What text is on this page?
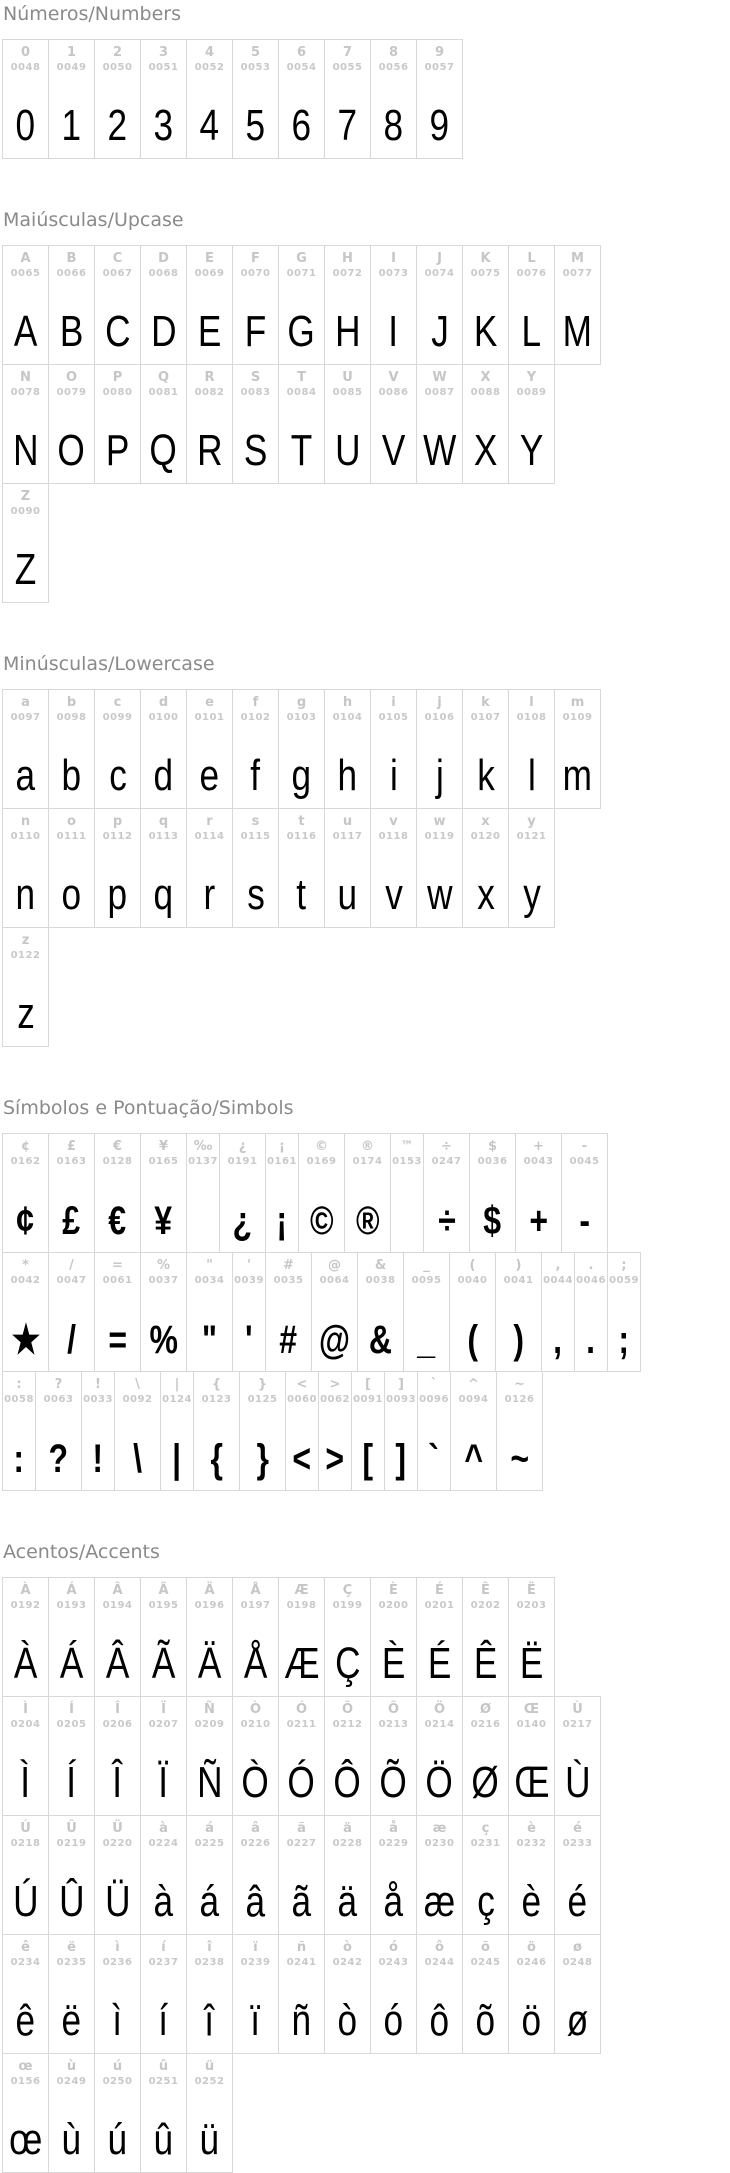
Números/Numbers
0
0048
0
1
0049
1
2
0050
2
3
0051
3
4
0052
4
5
0053
5
6
0054
6
7
0055
7
8
0056
8
9
0057
9
Maiúsculas/Upcase
A
0065
A
B
0066
B
C
0067
C
D
0068
D
E
0069
E
F
0070
F
G
0071
G
H
0072
H
I
0073
I
J
0074
J
K
0075
K
L
0076
L
M
0077
M
N
0078
N
O
0079
O
P
0080
P
Q
0081
Q
R
0082
R
S
0083
S
T
0084
T
U
0085
U
V
0086
V
W
0087
W
X
0088
X
Y
0089
Y
Z
0090
Z
Minúsculas/Lowercase
a
0097
a
b
0098
b
c
0099
c
d
0100
d
e
0101
e
f
0102
f
g
0103
g
h
0104
h
i
0105
i
j
0106
j
k
0107
k
l
0108
l
m
0109
m
n
0110
n
o
0111
o
p
0112
p
q
0113
q
r
0114
r
s
0115
s
t
0116
t
u
0117
u
v
0118
v
w
0119
w
x
0120
x
y
0121
y
z
0122
z
Símbolos e Pontuação/Simbols
¢
0162
¢
£
0163
£
€
0128
€
¥
0165
¥
‰
0137
¿
0191
¿
¡
0161
¡
©
0169
©
®
0174
®
™
0153
÷
0247
÷
$
0036
$
+
0043
+
-
0045
-
*
0042
★
/
0047
/
=
0061
=
%
0037
%
"
0034
"
'
0039
'
#
0035
#
@
0064
@
&
0038
&
_
0095
_
(
0040
(
)
0041
)
,
0044
,
.
0046
.
;
0059
;
:
0058
:
?
0063
?
!
0033
!
\
0092
\
|
0124
|
{
0123
{
}
0125
}
<
0060
<
>
0062
>
[
0091
[
]
0093
]
`
0096
`
^
0094
^
~
0126
~
Acentos/Accents
À
0192
À
Á
0193
Á
Â
0194
Â
Ã
0195
Ã
Ä
0196
Ä
Å
0197
Å
Æ
0198
Æ
Ç
0199
Ç
È
0200
È
É
0201
É
Ê
0202
Ê
Ë
0203
Ë
Ì
0204
Ì
Í
0205
Í
Î
0206
Î
Ï
0207
Ï
Ñ
0209
Ñ
Ò
0210
Ò
Ó
0211
Ó
Ô
0212
Ô
Õ
0213
Õ
Ö
0214
Ö
Ø
0216
Ø
Œ
0140
Œ
Ù
0217
Ù
Ú
0218
Ú
Û
0219
Û
Ü
0220
Ü
à
0224
à
á
0225
á
â
0226
â
ã
0227
ã
ä
0228
ä
å
0229
å
æ
0230
æ
ç
0231
ç
è
0232
è
é
0233
é
ê
0234
ê
ë
0235
ë
ì
0236
ì
í
0237
í
î
0238
î
ï
0239
ï
ñ
0241
ñ
ò
0242
ò
ó
0243
ó
ô
0244
ô
õ
0245
õ
ö
0246
ö
ø
0248
ø
œ
0156
œ
ù
0249
ù
ú
0250
ú
û
0251
û
ü
0252
ü
